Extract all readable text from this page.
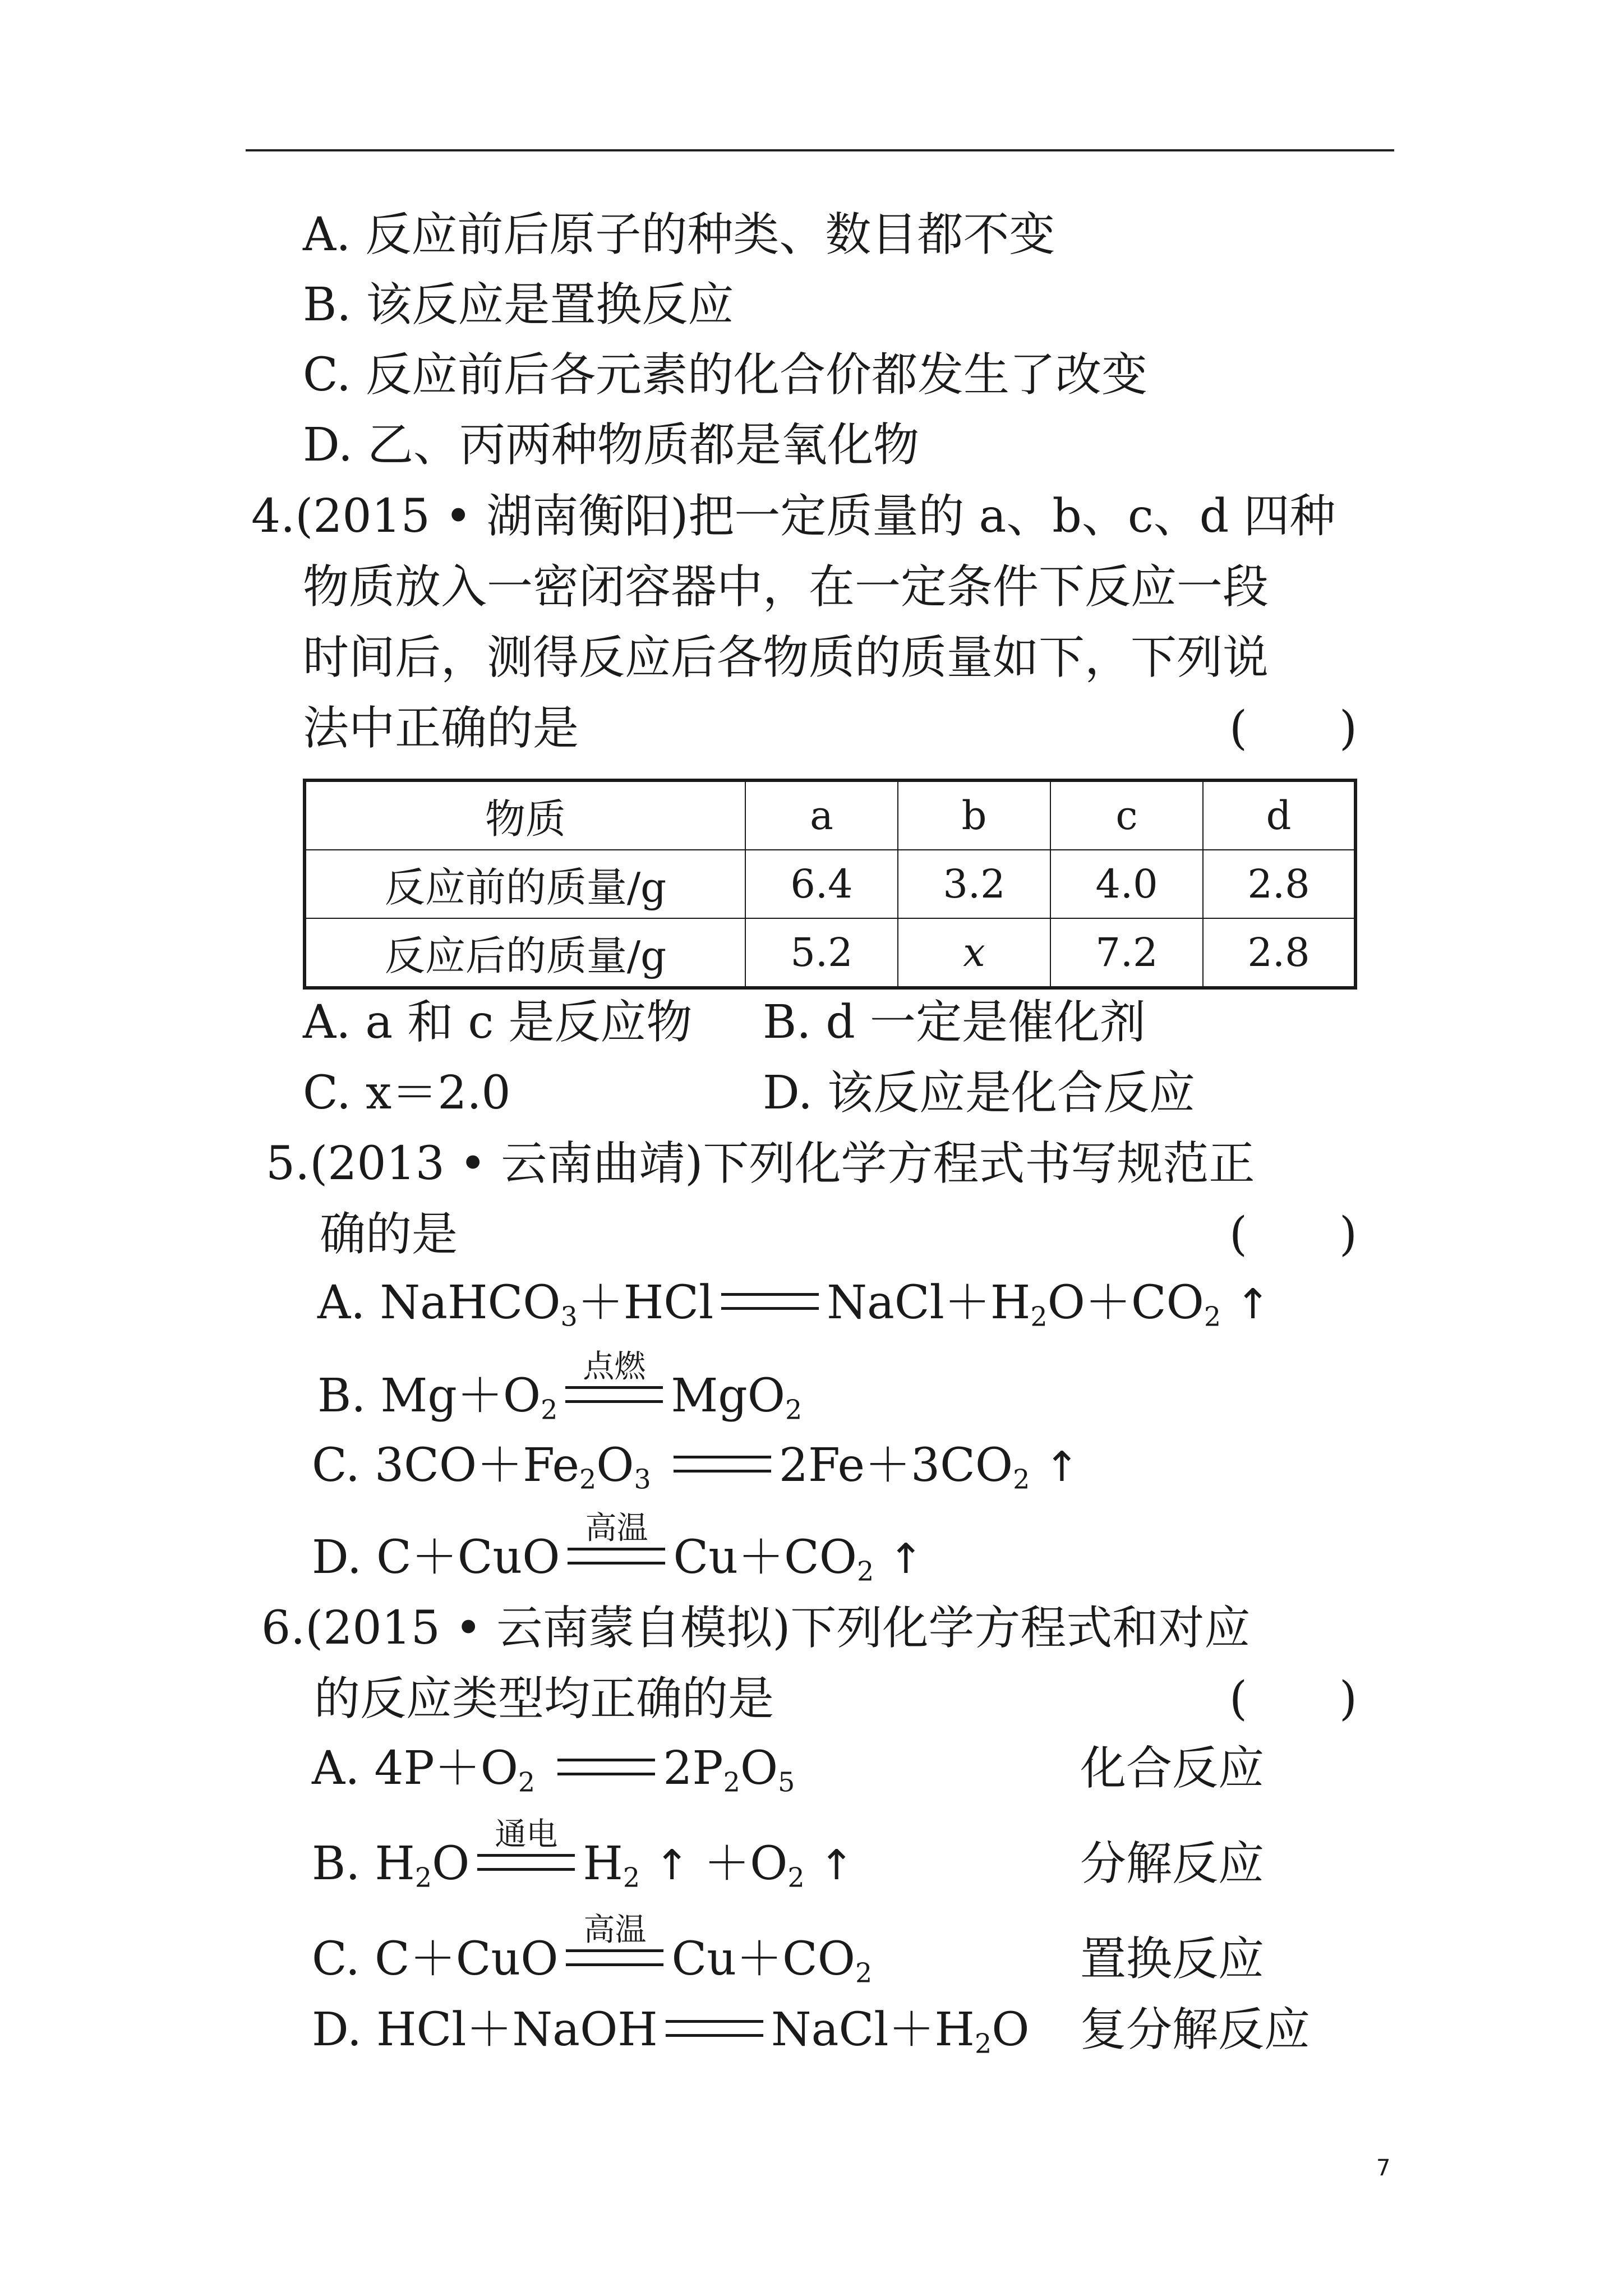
A. 反应前后原子的种类、数目都不变
B. 该反应是置换反应
C. 反应前后各元素的化合价都发生了改变
D. 乙、丙两种物质都是氧化物
4.(2015 • 湖南衡阳)把一定质量的 a、b、c、d 四种
物质放入一密闭容器中，在一定条件下反应一段
时间后，测得反应后各物质的质量如下，下列说
法中正确的是	(　　)
物质	a	b	c	d
反应前的质量/g	6.4	3.2	4.0	2.8
反应后的质量/g	5.2	x	7.2	2.8
A. a 和 c 是反应物 B. d 一定是催化剂
C. x＝2.0	D. 该反应是化合反应
5.(2013 • 云南曲靖)下列化学方程式书写规范正
确的是	(　　)
A. NaHCO$_3$＋HCl $NaCl+H_2O+CO_2$ ↑
B. $Mg+O_2$
点燃
MgO$_2$
C. $3CO+Fe_2O_3$	$2Fe+3CO_2$ ↑
D. C＋CuO
高温
$Cu+CO_2$ ↑
6.(2015 • 云南蒙自模拟)下列化学方程式和对应
的反应类型均正确的是	(　　)
A. $4P+O_2$	$2P_2O_5$	化合反应
B. $H_2O$
通电
$H_2$ ↑ $+O_2$ ↑	分解反应
C. C＋CuO
高温
$Cu+CO_2$	置换反应
D. HCl＋NaOH $NaCl+H_2O$ 复分解反应
7
